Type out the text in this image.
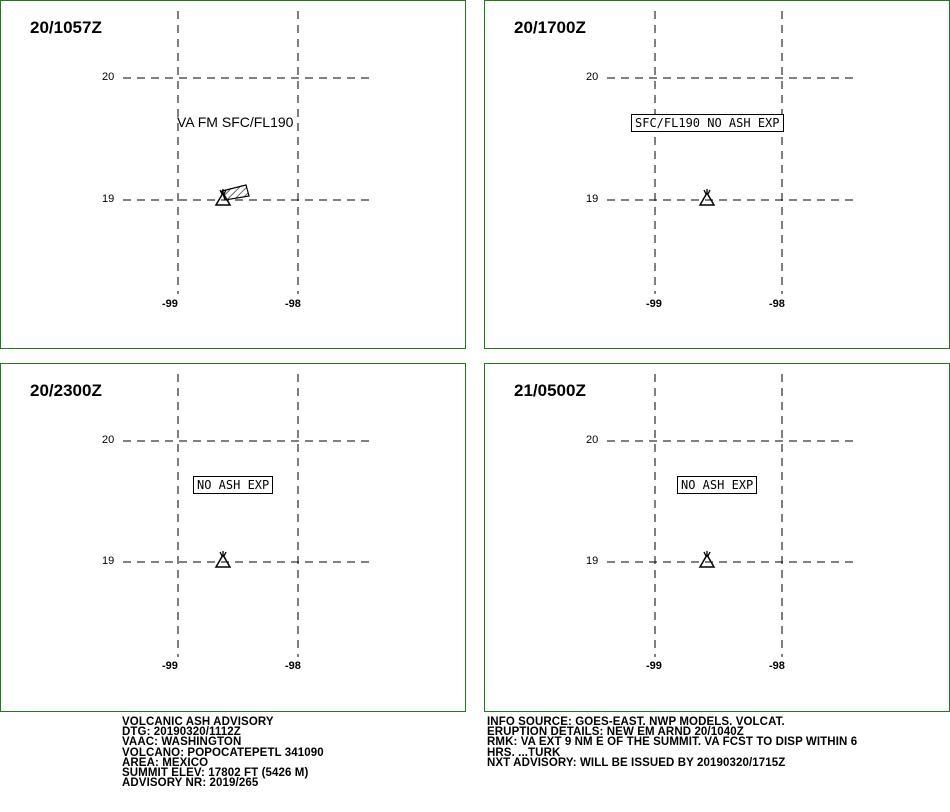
20/1057Z
20
19
-99	-98
VA FM SFC/FL190
20/1700Z
20
19
-99	-98
SFC/FL190 NO ASH EXP
20/2300Z
20
19
-99	-98
NO ASH EXP
21/0500Z
20
19
-99	-98
NO ASH EXP
VOLCANIC ASH ADVISORY
DTG: 20190320/1112Z
VAAC: WASHINGTON
VOLCANO: POPOCATEPETL 341090
AREA: MEXICO
SUMMIT ELEV: 17802 FT (5426 M)
ADVISORY NR: 2019/265
INFO SOURCE: GOES-EAST. NWP MODELS. VOLCAT.
ERUPTION DETAILS: NEW EM ARND 20/1040Z
RMK: VA EXT 9 NM E OF THE SUMMIT. VA FCST TO DISP WITHIN 6
HRS. ...TURK
NXT ADVISORY: WILL BE ISSUED BY 20190320/1715Z
